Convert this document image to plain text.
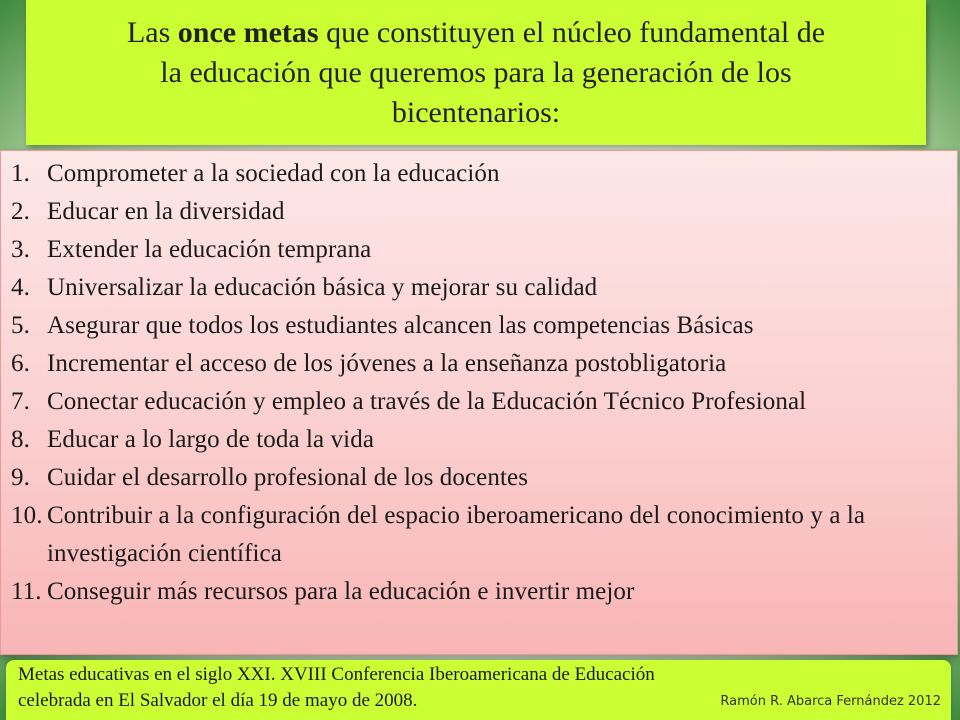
Las once metas que constituyen el núcleo fundamental de
la educación que queremos para la generación de los
bicentenarios:
1. Comprometer a la sociedad con la educación
2. Educar en la diversidad
3. Extender la educación temprana
4. Universalizar la educación básica y mejorar su calidad
5. Asegurar que todos los estudiantes alcancen las competencias Básicas
6. Incrementar el acceso de los jóvenes a la enseñanza postobligatoria
7. Conectar educación y empleo a través de la Educación Técnico Profesional
8. Educar a lo largo de toda la vida
9. Cuidar el desarrollo profesional de los docentes
10. Contribuir a la configuración del espacio iberoamericano del conocimiento y a la investigación científica
11. Conseguir más recursos para la educación e invertir mejor
Metas educativas en el siglo XXI. XVIII Conferencia Iberoamericana de Educación celebrada en El Salvador el día 19 de mayo de 2008.	Ramón R. Abarca Fernández 2012
